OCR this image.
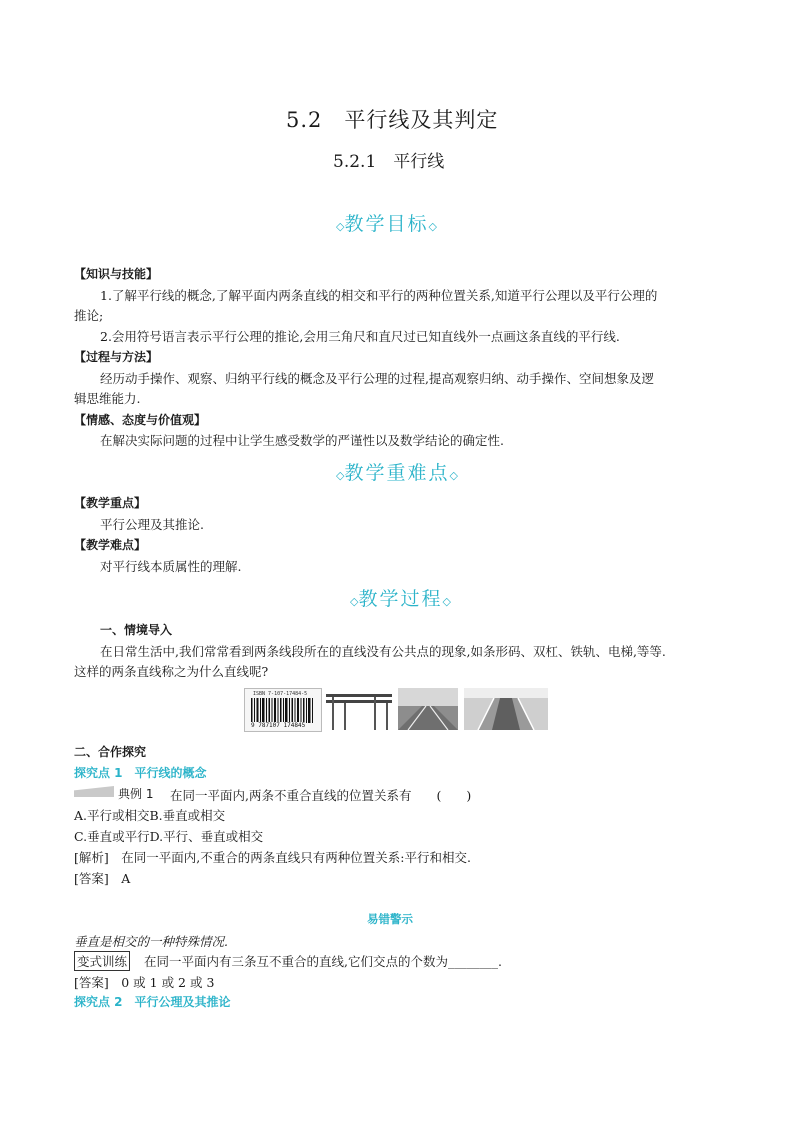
5.2　平行线及其判定
5.2.1　平行线
◇教学目标◇
【知识与技能】
1.了解平行线的概念,了解平面内两条直线的相交和平行的两种位置关系,知道平行公理以及平行公理的
推论;
2.会用符号语言表示平行公理的推论,会用三角尺和直尺过已知直线外一点画这条直线的平行线.
【过程与方法】
经历动手操作、观察、归纳平行线的概念及平行公理的过程,提高观察归纳、动手操作、空间想象及逻
辑思维能力.
【情感、态度与价值观】
在解决实际问题的过程中让学生感受数学的严谨性以及数学结论的确定性.
◇教学重难点◇
【教学重点】
平行公理及其推论.
【教学难点】
对平行线本质属性的理解.
◇教学过程◇
一、情境导入
在日常生活中,我们常常看到两条线段所在的直线没有公共点的现象,如条形码、双杠、铁轨、电梯,等等.
这样的两条直线称之为什么直线呢?
ISBN 7-107-17484-5
9 787107 174845
二、合作探究
探究点 1　平行线的概念
典例 1 在同一平面内,两条不重合直线的位置关系有　　(　　)
A.平行或相交B.垂直或相交
C.垂直或平行D.平行、垂直或相交
[解析]　在同一平面内,不重合的两条直线只有两种位置关系:平行和相交.
[答案]　A
易错警示
垂直是相交的一种特殊情况.
变式训练 在同一平面内有三条互不重合的直线,它们交点的个数为________.
[答案]　0 或 1 或 2 或 3
探究点 2　平行公理及其推论
